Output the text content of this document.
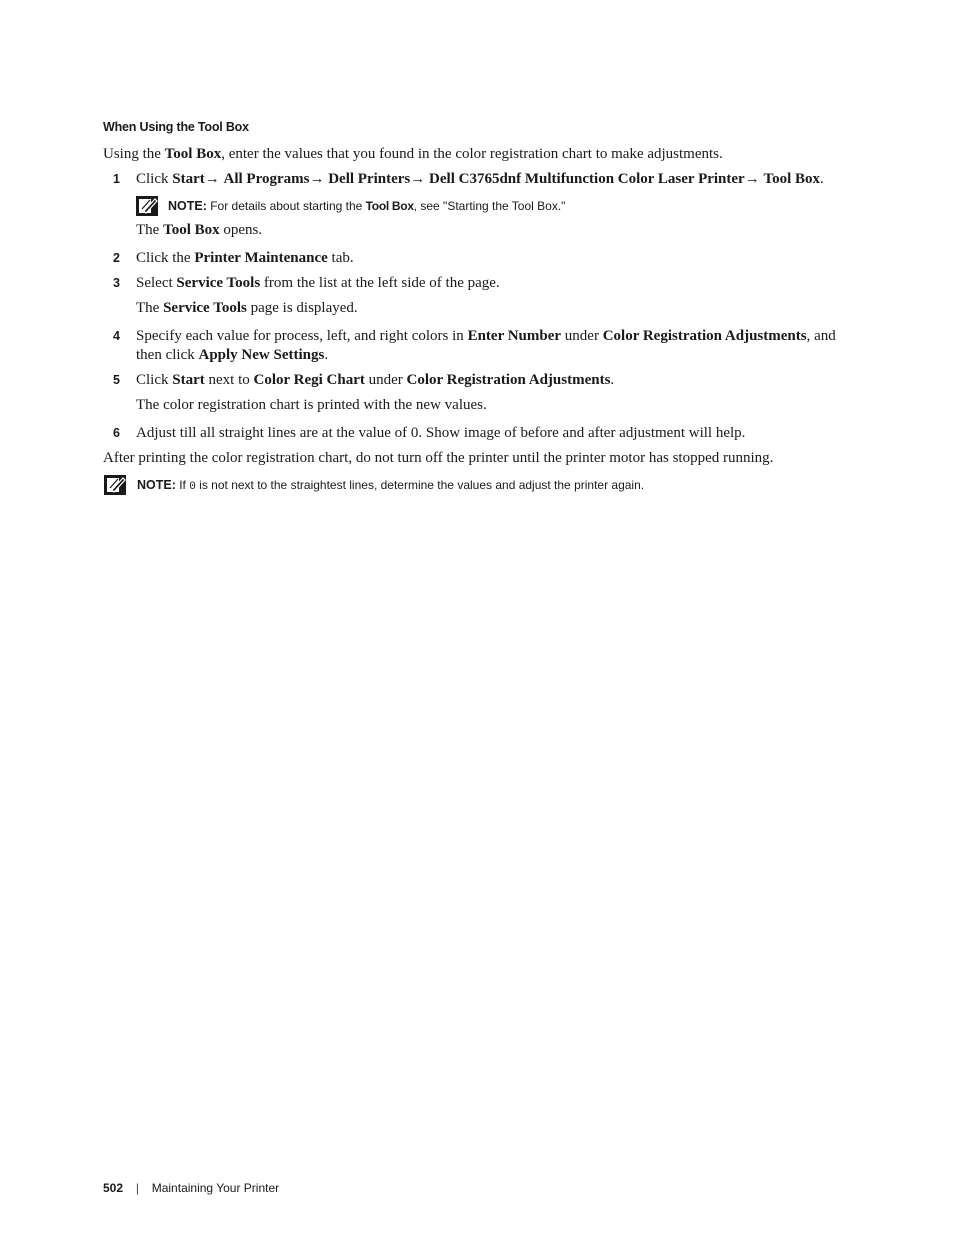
When Using the Tool Box
Using the Tool Box, enter the values that you found in the color registration chart to make adjustments.
1 Click Start→ All Programs→ Dell Printers→ Dell C3765dnf Multifunction Color Laser Printer→ Tool Box.
NOTE: For details about starting the Tool Box, see "Starting the Tool Box."
The Tool Box opens.
2 Click the Printer Maintenance tab.
3 Select Service Tools from the list at the left side of the page.
The Service Tools page is displayed.
4 Specify each value for process, left, and right colors in Enter Number under Color Registration Adjustments, and then click Apply New Settings.
5 Click Start next to Color Regi Chart under Color Registration Adjustments.
The color registration chart is printed with the new values.
6 Adjust till all straight lines are at the value of 0. Show image of before and after adjustment will help.
After printing the color registration chart, do not turn off the printer until the printer motor has stopped running.
NOTE: If 0 is not next to the straightest lines, determine the values and adjust the printer again.
502 | Maintaining Your Printer
